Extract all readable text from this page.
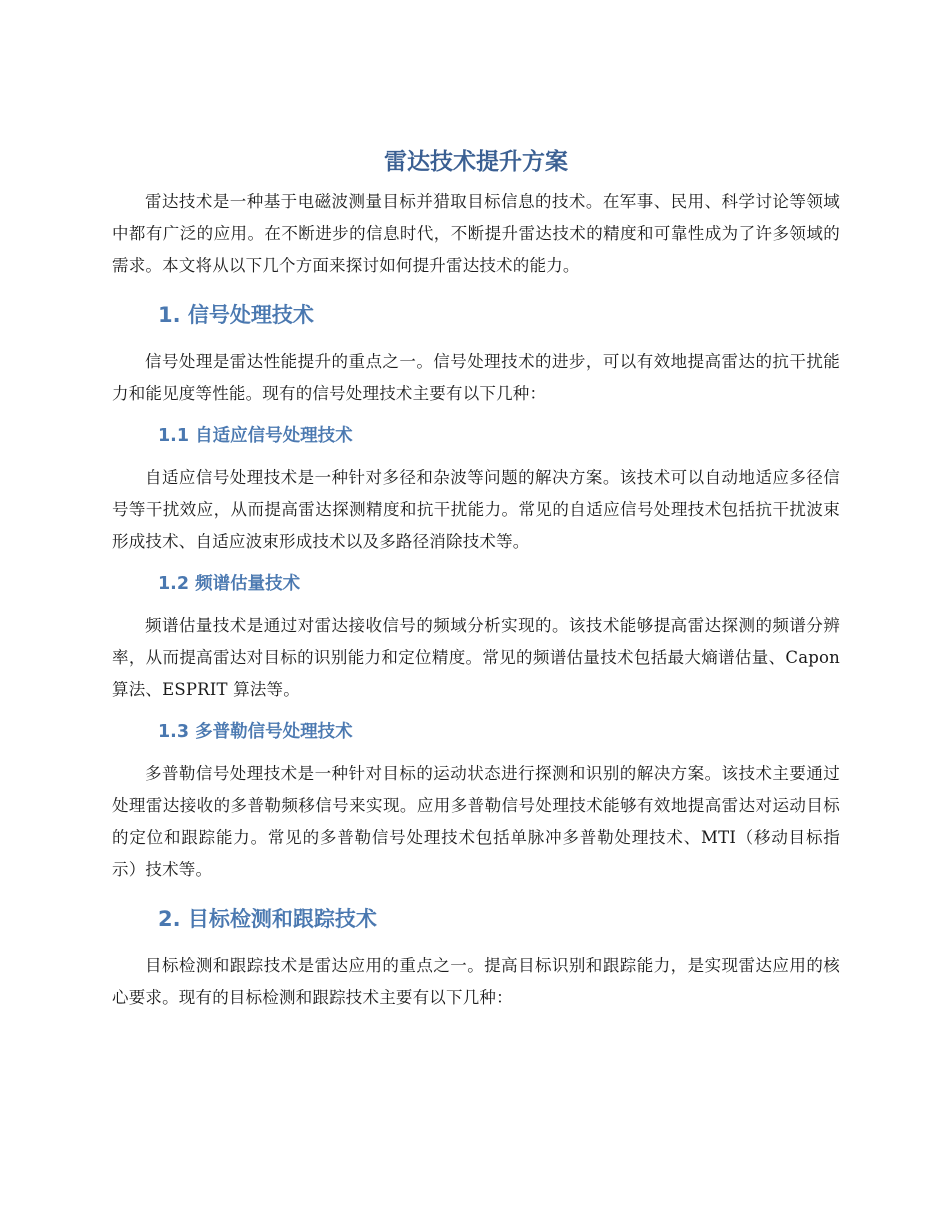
雷达技术提升方案

雷达技术是一种基于电磁波测量目标并猎取目标信息的技术。在军事、民用、科学讨论等领域中都有广泛的应用。在不断进步的信息时代，不断提升雷达技术的精度和可靠性成为了许多领域的需求。本文将从以下几个方面来探讨如何提升雷达技术的能力。

1. 信号处理技术

信号处理是雷达性能提升的重点之一。信号处理技术的进步，可以有效地提高雷达的抗干扰能力和能见度等性能。现有的信号处理技术主要有以下几种：

1.1 自适应信号处理技术

自适应信号处理技术是一种针对多径和杂波等问题的解决方案。该技术可以自动地适应多径信号等干扰效应，从而提高雷达探测精度和抗干扰能力。常见的自适应信号处理技术包括抗干扰波束形成技术、自适应波束形成技术以及多路径消除技术等。

1.2 频谱估量技术

频谱估量技术是通过对雷达接收信号的频域分析实现的。该技术能够提高雷达探测的频谱分辨率，从而提高雷达对目标的识别能力和定位精度。常见的频谱估量技术包括最大熵谱估量、Capon 算法、ESPRIT 算法等。

1.3 多普勒信号处理技术

多普勒信号处理技术是一种针对目标的运动状态进行探测和识别的解决方案。该技术主要通过处理雷达接收的多普勒频移信号来实现。应用多普勒信号处理技术能够有效地提高雷达对运动目标的定位和跟踪能力。常见的多普勒信号处理技术包括单脉冲多普勒处理技术、MTI（移动目标指示）技术等。

2. 目标检测和跟踪技术

目标检测和跟踪技术是雷达应用的重点之一。提高目标识别和跟踪能力，是实现雷达应用的核心要求。现有的目标检测和跟踪技术主要有以下几种：
